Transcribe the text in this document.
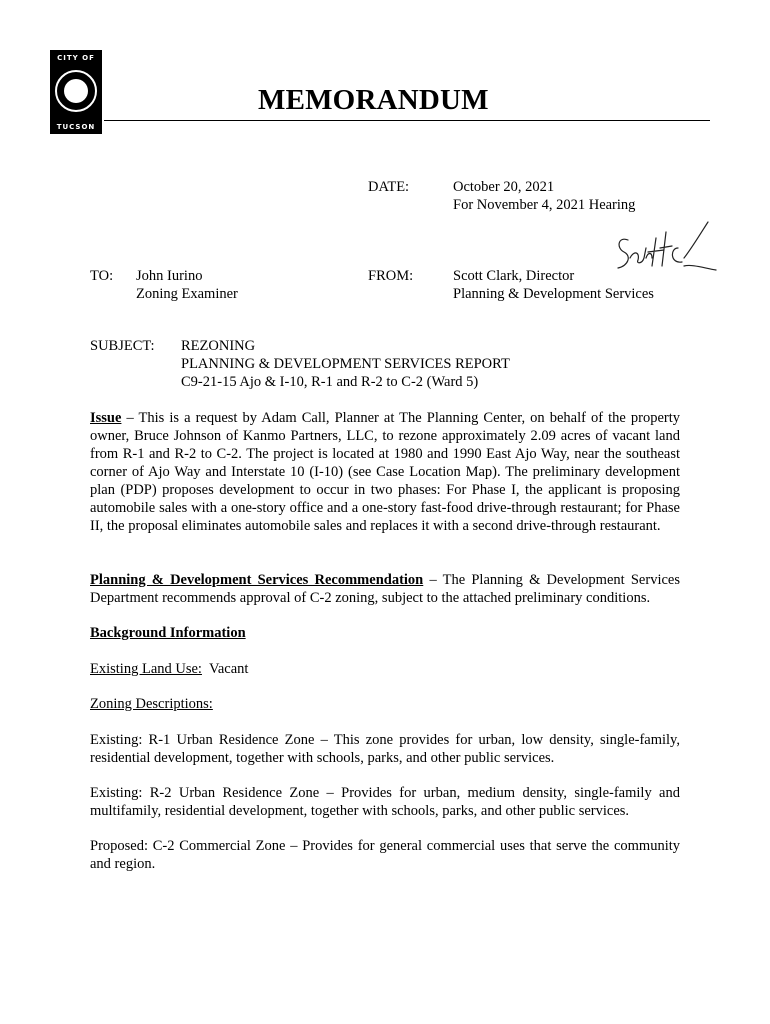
CITY OF
TUCSON
MEMORANDUM
DATE:	October 20, 2021
For November 4, 2021 Hearing
TO: John Iurino
Zoning Examiner
FROM:	Scott Clark, Director
Planning & Development Services
SUBJECT: REZONING
PLANNING & DEVELOPMENT SERVICES REPORT
C9-21-15 Ajo & I-10, R-1 and R-2 to C-2 (Ward 5)
Issue – This is a request by Adam Call, Planner at The Planning Center, on behalf of the property owner, Bruce Johnson of Kanmo Partners, LLC, to rezone approximately 2.09 acres of vacant land from R-1 and R-2 to C-2. The project is located at 1980 and 1990 East Ajo Way, near the southeast corner of Ajo Way and Interstate 10 (I-10) (see Case Location Map). The preliminary development plan (PDP) proposes development to occur in two phases: For Phase I, the applicant is proposing automobile sales with a one-story office and a one-story fast-food drive-through restaurant; for Phase II, the proposal eliminates automobile sales and replaces it with a second drive-through restaurant.
Planning & Development Services Recommendation – The Planning & Development Services Department recommends approval of C-2 zoning, subject to the attached preliminary conditions.
Background Information
Existing Land Use:  Vacant
Zoning Descriptions:
Existing: R-1 Urban Residence Zone – This zone provides for urban, low density, single-family, residential development, together with schools, parks, and other public services.
Existing: R-2 Urban Residence Zone – Provides for urban, medium density, single-family and multifamily, residential development, together with schools, parks, and other public services.
Proposed: C-2 Commercial Zone – Provides for general commercial uses that serve the community and region.
